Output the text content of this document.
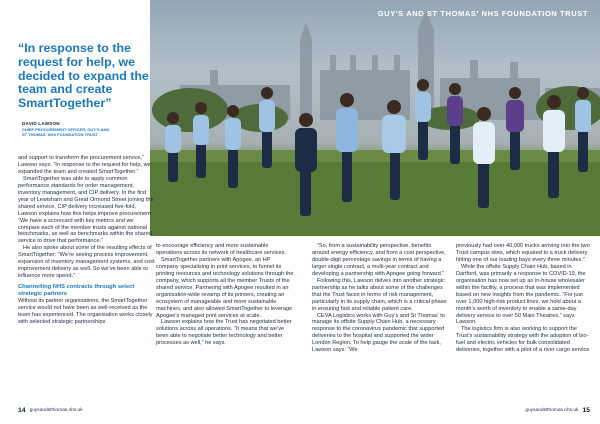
GUY'S AND ST THOMAS' NHS FOUNDATION TRUST
“In response to the request for help, we decided to expand the team and create SmartTogether”
DAVID LAWSON
CHIEF PROCUREMENT OFFICER, GUY'S AND
ST THOMAS' NHS FOUNDATION TRUST

and support to transform the procurement service,” Lawson says. “In response to the request for help, we expanded the team and created SmartTogether.”

SmartTogether was able to apply common performance standards for order management, inventory management, and CIP delivery. In the first year of Lewisham and Great Ormond Street joining the shared service, CIP delivery increased five-fold, Lawson explains how this helps improve procurement: “We have a scorecard with key metrics and we compare each of the member trusts against national benchmarks, as well as benchmarks within the shared service to drive that performance.”

He also spoke about some of the resulting effects of SmartTogether: “We’re seeing process improvement, expansion of inventory management systems, and cost improvement delivery as well. So we’ve been able to influence more spend.”

Channelling NHS contracts through select strategic partners

Without its partner organisations, the SmartTogether service would not have been as well-received as the team has experienced. The organisation works closely with selected strategic partnerships

to encourage efficiency and more sustainable operations across its network of healthcare services.

SmartTogether partners with Apogee, an HP company specialising in print services, to funnel its printing resources and technology solutions through the company, which supports all the member Trusts of the shared service. Partnering with Apogee resulted in an organisation-wide revamp of its printers, creating an ecosystem of manageable and more sustainable machines, and also allowed SmartTogether to leverage Apogee’s managed print services at scale.

Lawson explains how the Trust has negotiated better solutions across all operations. “It means that we’ve been able to negotiate better technology and better processes as well,” he says.

“So, from a sustainability perspective, benefits around energy efficiency, and from a cost perspective, double-digit percentage savings in terms of having a larger single contract, a multi-year contract and developing a partnership with Apogee going forward.”

Following this, Lawson delves into another strategic partnership as he talks about some of the challenges that the Trust faces in terms of risk management, particularly in its supply chain, which is a critical phase in ensuring fast and reliable patient care.

CEVA Logistics works with Guy’s and St Thomas’ to manage its offsite Supply Chain Hub, a necessary response to the coronavirus pandemic that supported deliveries to the hospital and supported the wider London Region. To help gauge the scale of the task, Lawson says: “We

previously had over 40,000 trucks arriving into the two Trust campus sites, which equated to a truck delivery hitting one of our loading bays every three minutes.”

While the offsite Supply Chain Hub, based in Dartford, was primarily a response to COVID-19, the organisation has now set up an in-house wholesaler within the facility, a process that was implemented based on new insights from the pandemic. “For just over 1,000 high-risk product lines, we hold about a month’s worth of inventory to enable a same-day delivery service to over 50 Main Theatres,” says Lawson.

The logistics firm is also working to support the Trust’s sustainability strategy with the adoption of bio-fuel and electric vehicles for bulk consolidated deliveries, together with a pilot of a river cargo service

14 guysandstthomas.nhs.uk	guysandstthomas.nhs.uk 15
